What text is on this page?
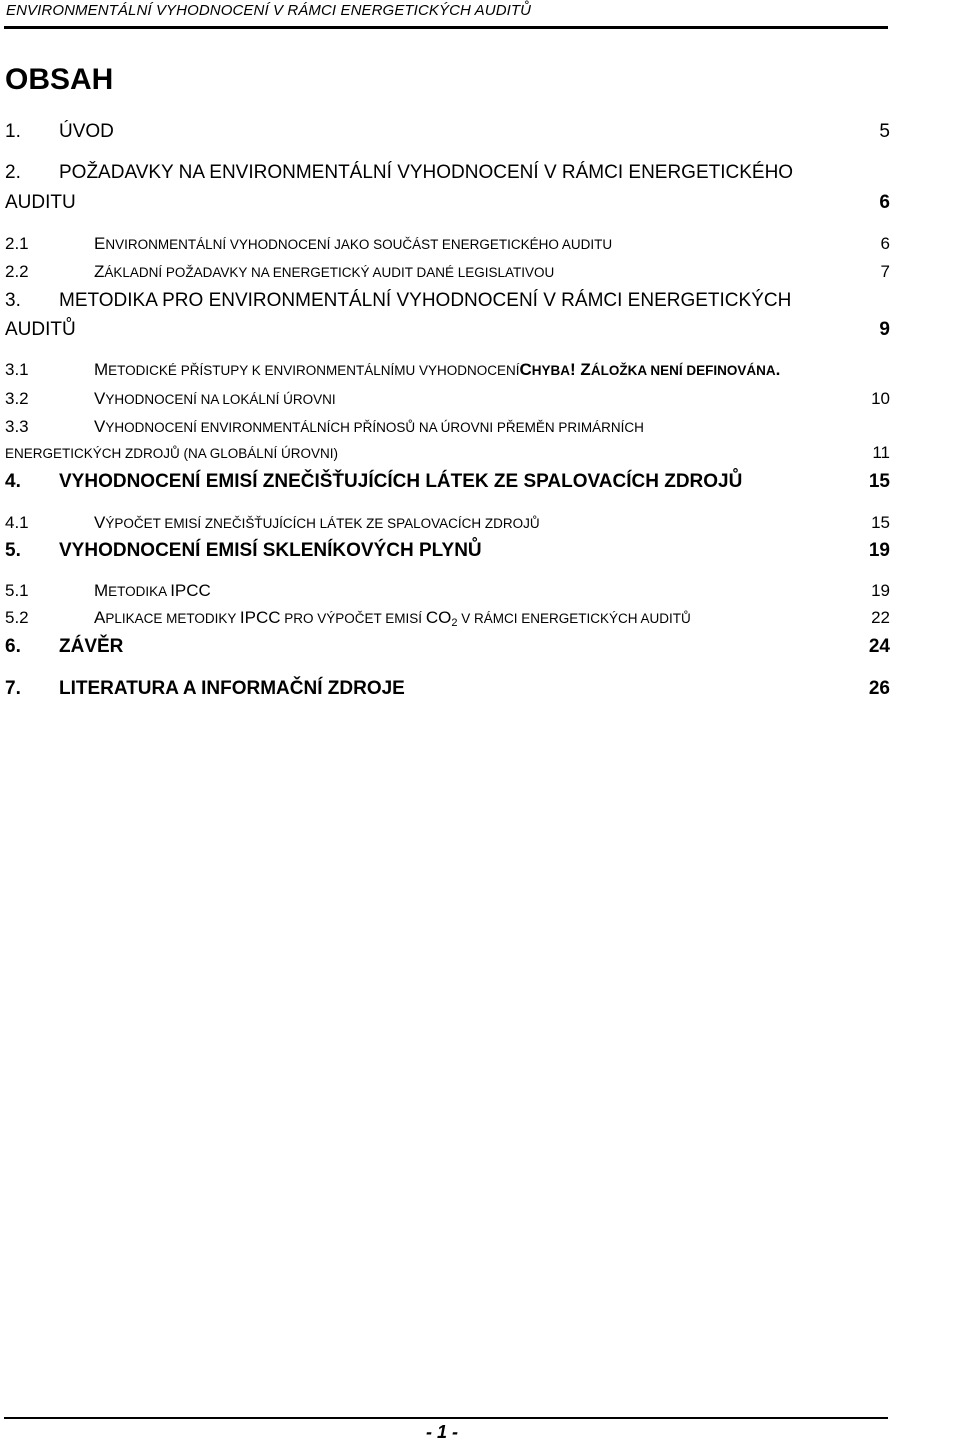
ENVIRONMENTÁLNÍ VYHODNOCENÍ V RÁMCI ENERGETICKÝCH AUDITŮ
OBSAH
1. ÚVOD	5
2. POŽADAVKY NA ENVIRONMENTÁLNÍ VYHODNOCENÍ V RÁMCI ENERGETICKÉHO
AUDITU	6
2.1	ENVIRONMENTÁLNÍ VYHODNOCENÍ JAKO SOUČÁST ENERGETICKÉHO AUDITU	6
2.2	ZÁKLADNÍ POŽADAVKY NA ENERGETICKÝ AUDIT DANÉ LEGISLATIVOU	7
3. METODIKA PRO ENVIRONMENTÁLNÍ VYHODNOCENÍ V RÁMCI ENERGETICKÝCH
AUDITŮ	9
3.1	METODICKÉ PŘÍSTUPY K ENVIRONMENTÁLNÍMU VYHODNOCENÍCHYBA! ZÁLOŽKA NENÍ DEFINOVÁNA.
3.2	VYHODNOCENÍ NA LOKÁLNÍ ÚROVNI	10
3.3	VYHODNOCENÍ ENVIRONMENTÁLNÍCH PŘÍNOSŮ NA ÚROVNI PŘEMĚN PRIMÁRNÍCH
ENERGETICKÝCH ZDROJŮ (NA GLOBÁLNÍ ÚROVNI)	11
4. VYHODNOCENÍ EMISÍ ZNEČIŠŤUJÍCÍCH LÁTEK ZE SPALOVACÍCH ZDROJŮ	15
4.1	VÝPOČET EMISÍ ZNEČIŠŤUJÍCÍCH LÁTEK ZE SPALOVACÍCH ZDROJŮ	15
5. VYHODNOCENÍ EMISÍ SKLENÍKOVÝCH PLYNŮ	19
5.1	METODIKA IPCC	19
5.2	APLIKACE METODIKY IPCC PRO VÝPOČET EMISÍ $CO_2$ V RÁMCI ENERGETICKÝCH AUDITŮ	22
6. ZÁVĚR	24
7. LITERATURA A INFORMAČNÍ ZDROJE	26
- 1 -
